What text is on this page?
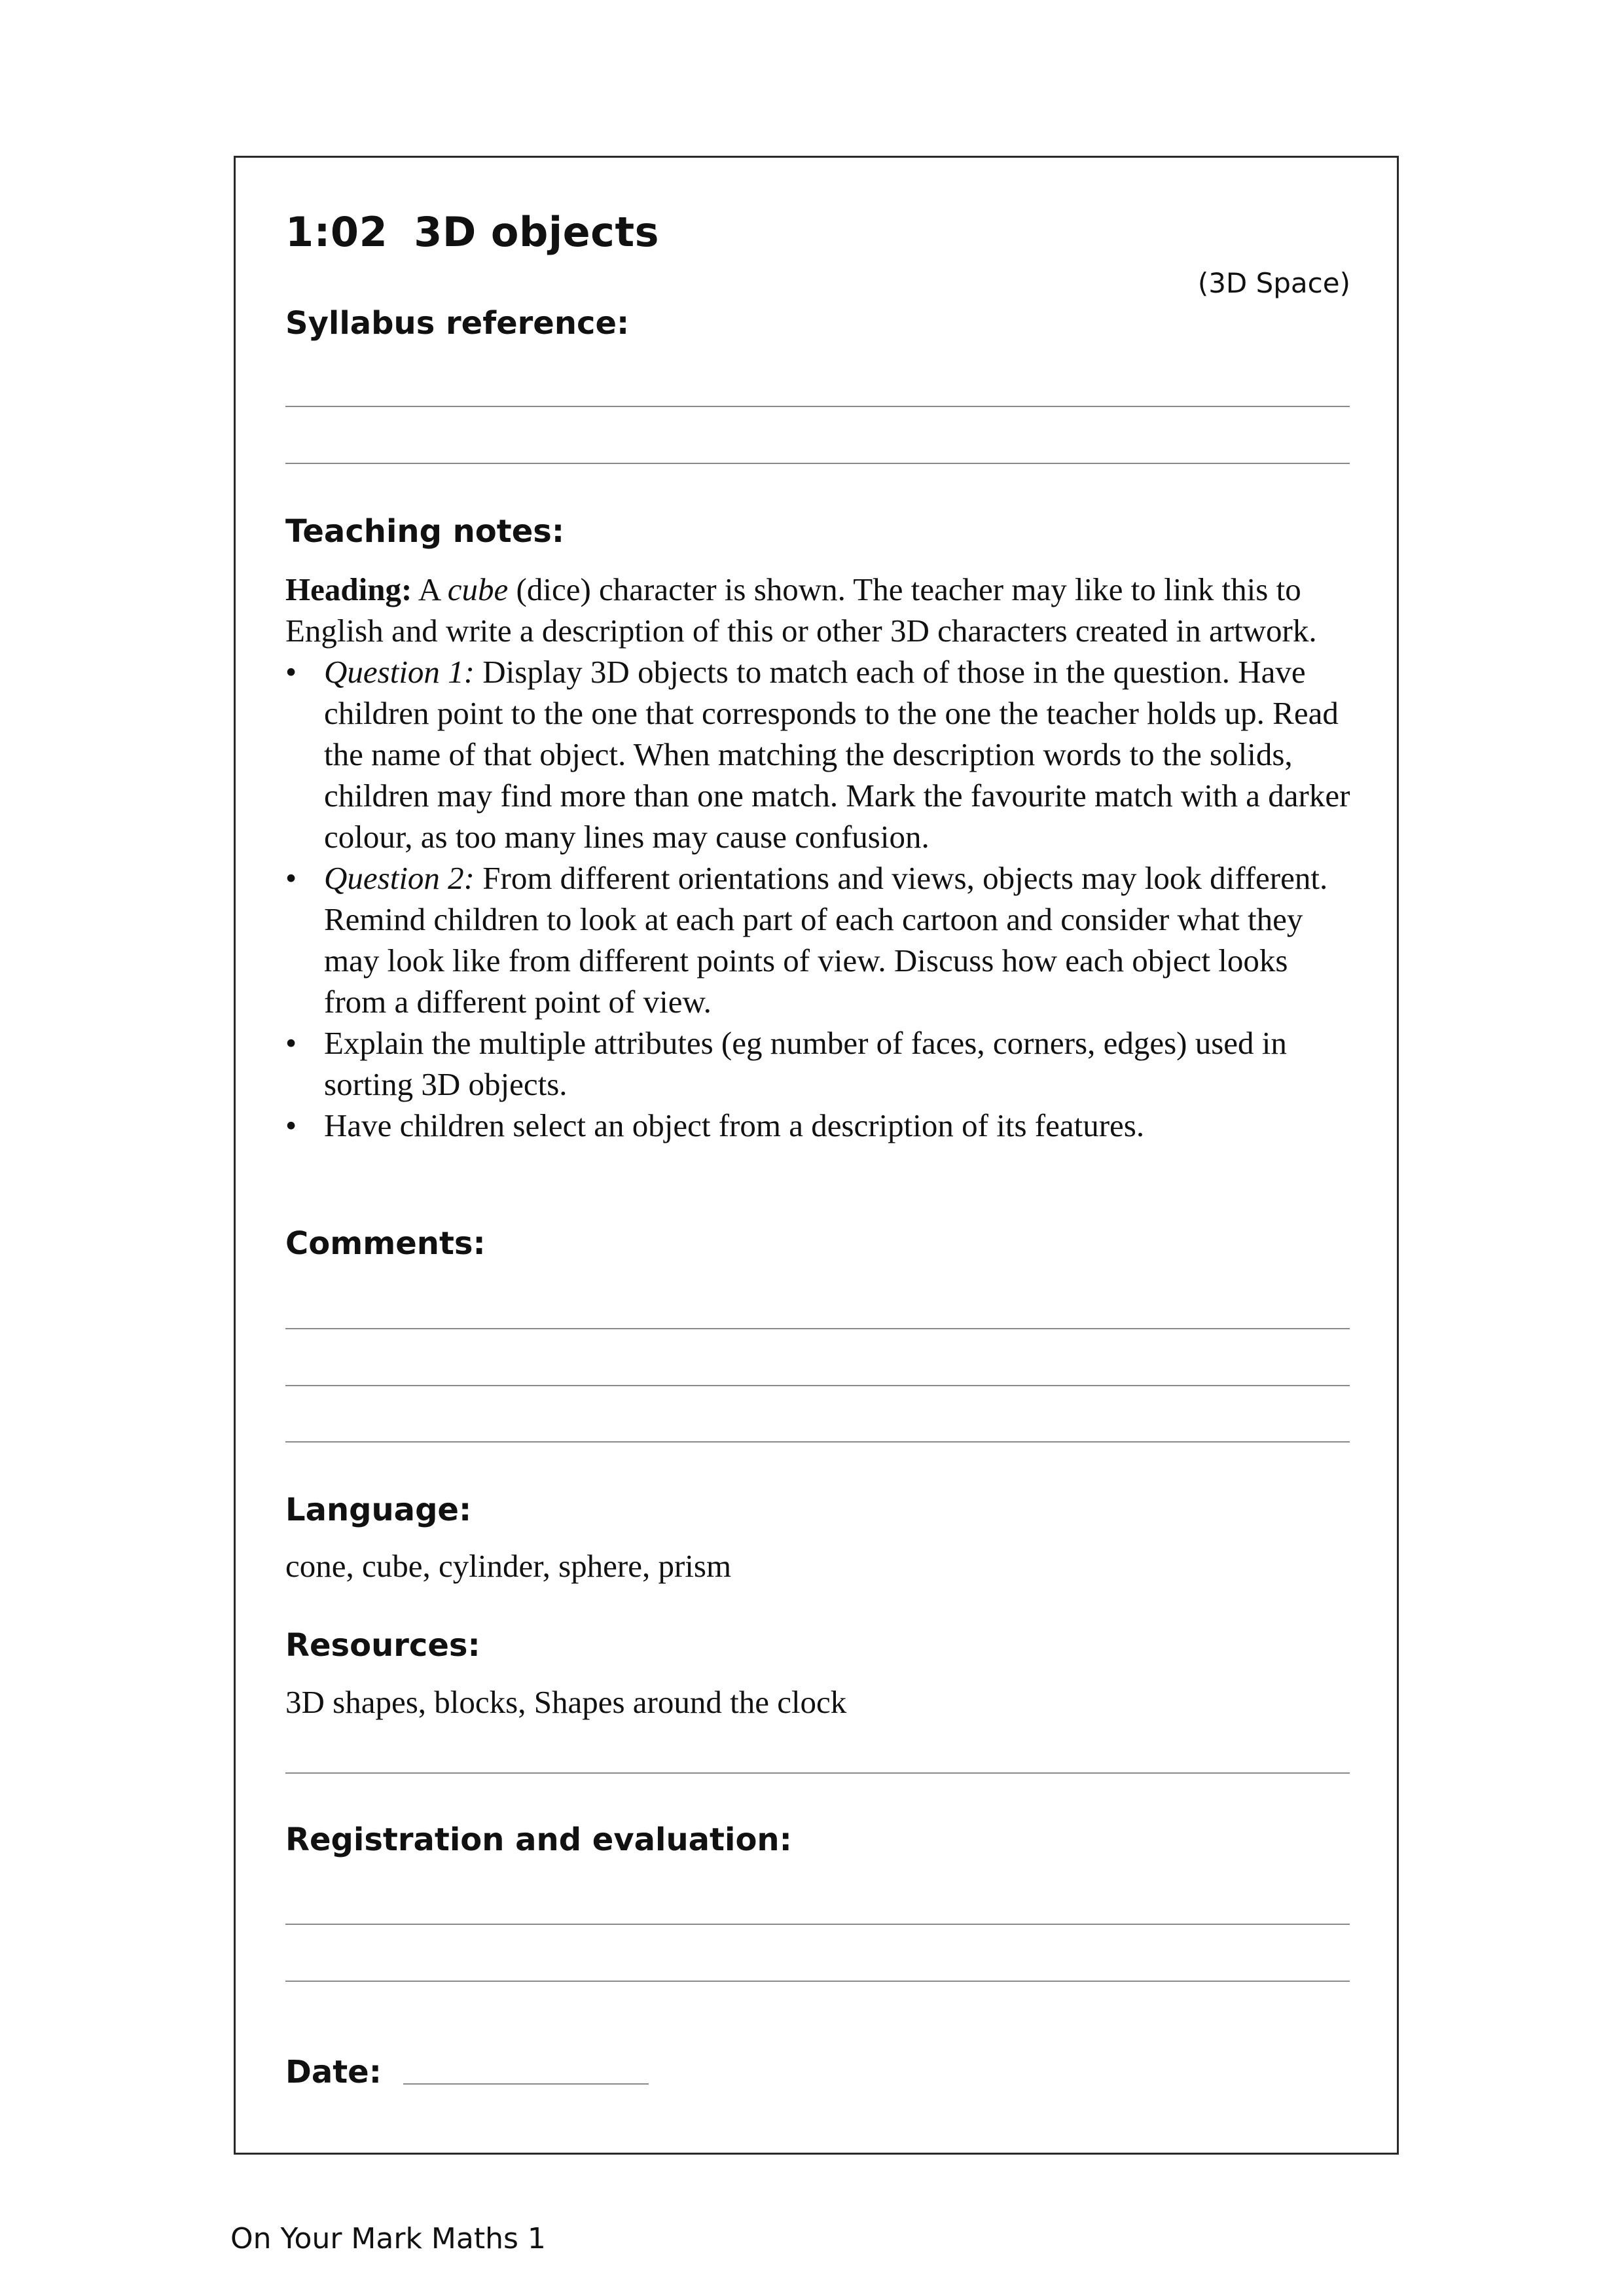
1:02 3D objects
(3D Space)
Syllabus reference:
Teaching notes:

Heading: A cube (dice) character is shown. The teacher may like to link this to English and write a description of this or other 3D characters created in artwork.

• Question 1: Display 3D objects to match each of those in the question. Have children point to the one that corresponds to the one the teacher holds up. Read the name of that object. When matching the description words to the solids, children may find more than one match. Mark the favourite match with a darker colour, as too many lines may cause confusion.
• Question 2: From different orientations and views, objects may look different. Remind children to look at each part of each cartoon and consider what they may look like from different points of view. Discuss how each object looks from a different point of view.
• Explain the multiple attributes (eg number of faces, corners, edges) used in sorting 3D objects.
• Have children select an object from a description of its features.
Comments:
Language:
cone, cube, cylinder, sphere, prism
Resources:
3D shapes, blocks, Shapes around the clock
Registration and evaluation:
Date:
On Your Mark Maths 1
